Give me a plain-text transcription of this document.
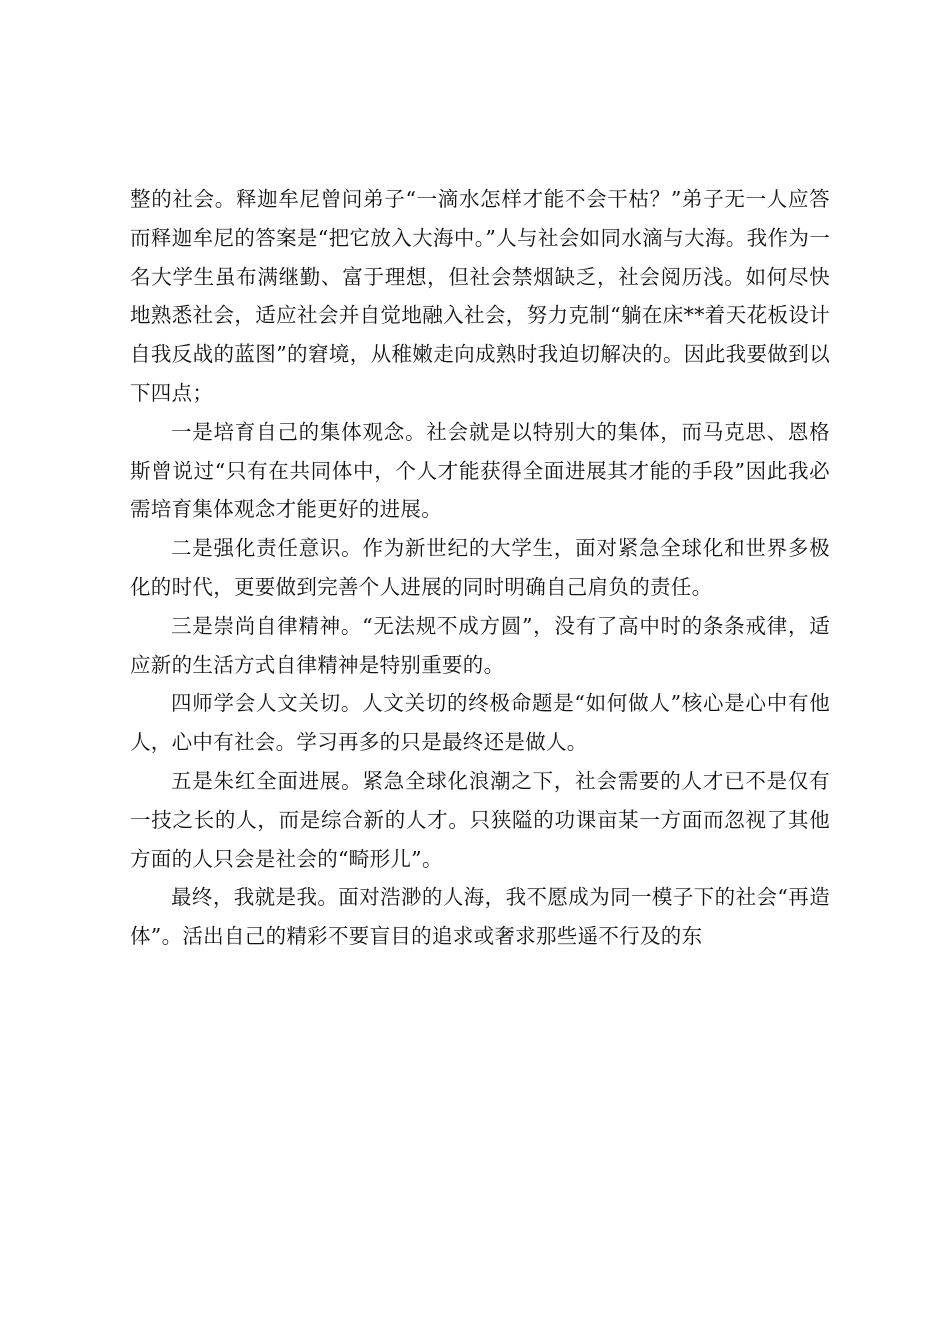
整的社会。释迦牟尼曾问弟子“一滴水怎样才能不会干枯？”弟子无一人应答而释迦牟尼的答案是“把它放入大海中。”人与社会如同水滴与大海。我作为一名大学生虽布满继勤、富于理想，但社会禁烟缺乏，社会阅历浅。如何尽快地熟悉社会，适应社会并自觉地融入社会，努力克制“躺在床**着天花板设计自我反战的蓝图”的窘境，从稚嫩走向成熟时我迫切解决的。因此我要做到以下四点；

一是培育自己的集体观念。社会就是以特别大的集体，而马克思、恩格斯曾说过“只有在共同体中，个人才能获得全面进展其才能的手段”因此我必需培育集体观念才能更好的进展。

二是强化责任意识。作为新世纪的大学生，面对紧急全球化和世界多极化的时代，更要做到完善个人进展的同时明确自己肩负的责任。

三是崇尚自律精神。“无法规不成方圆”，没有了高中时的条条戒律，适应新的生活方式自律精神是特别重要的。

四师学会人文关切。人文关切的终极命题是“如何做人”核心是心中有他人，心中有社会。学习再多的只是最终还是做人。

五是朱红全面进展。紧急全球化浪潮之下，社会需要的人才已不是仅有一技之长的人，而是综合新的人才。只狭隘的功课亩某一方面而忽视了其他方面的人只会是社会的“畸形儿”。

最终，我就是我。面对浩渺的人海，我不愿成为同一模子下的社会“再造体”。活出自己的精彩不要盲目的追求或奢求那些遥不行及的东
